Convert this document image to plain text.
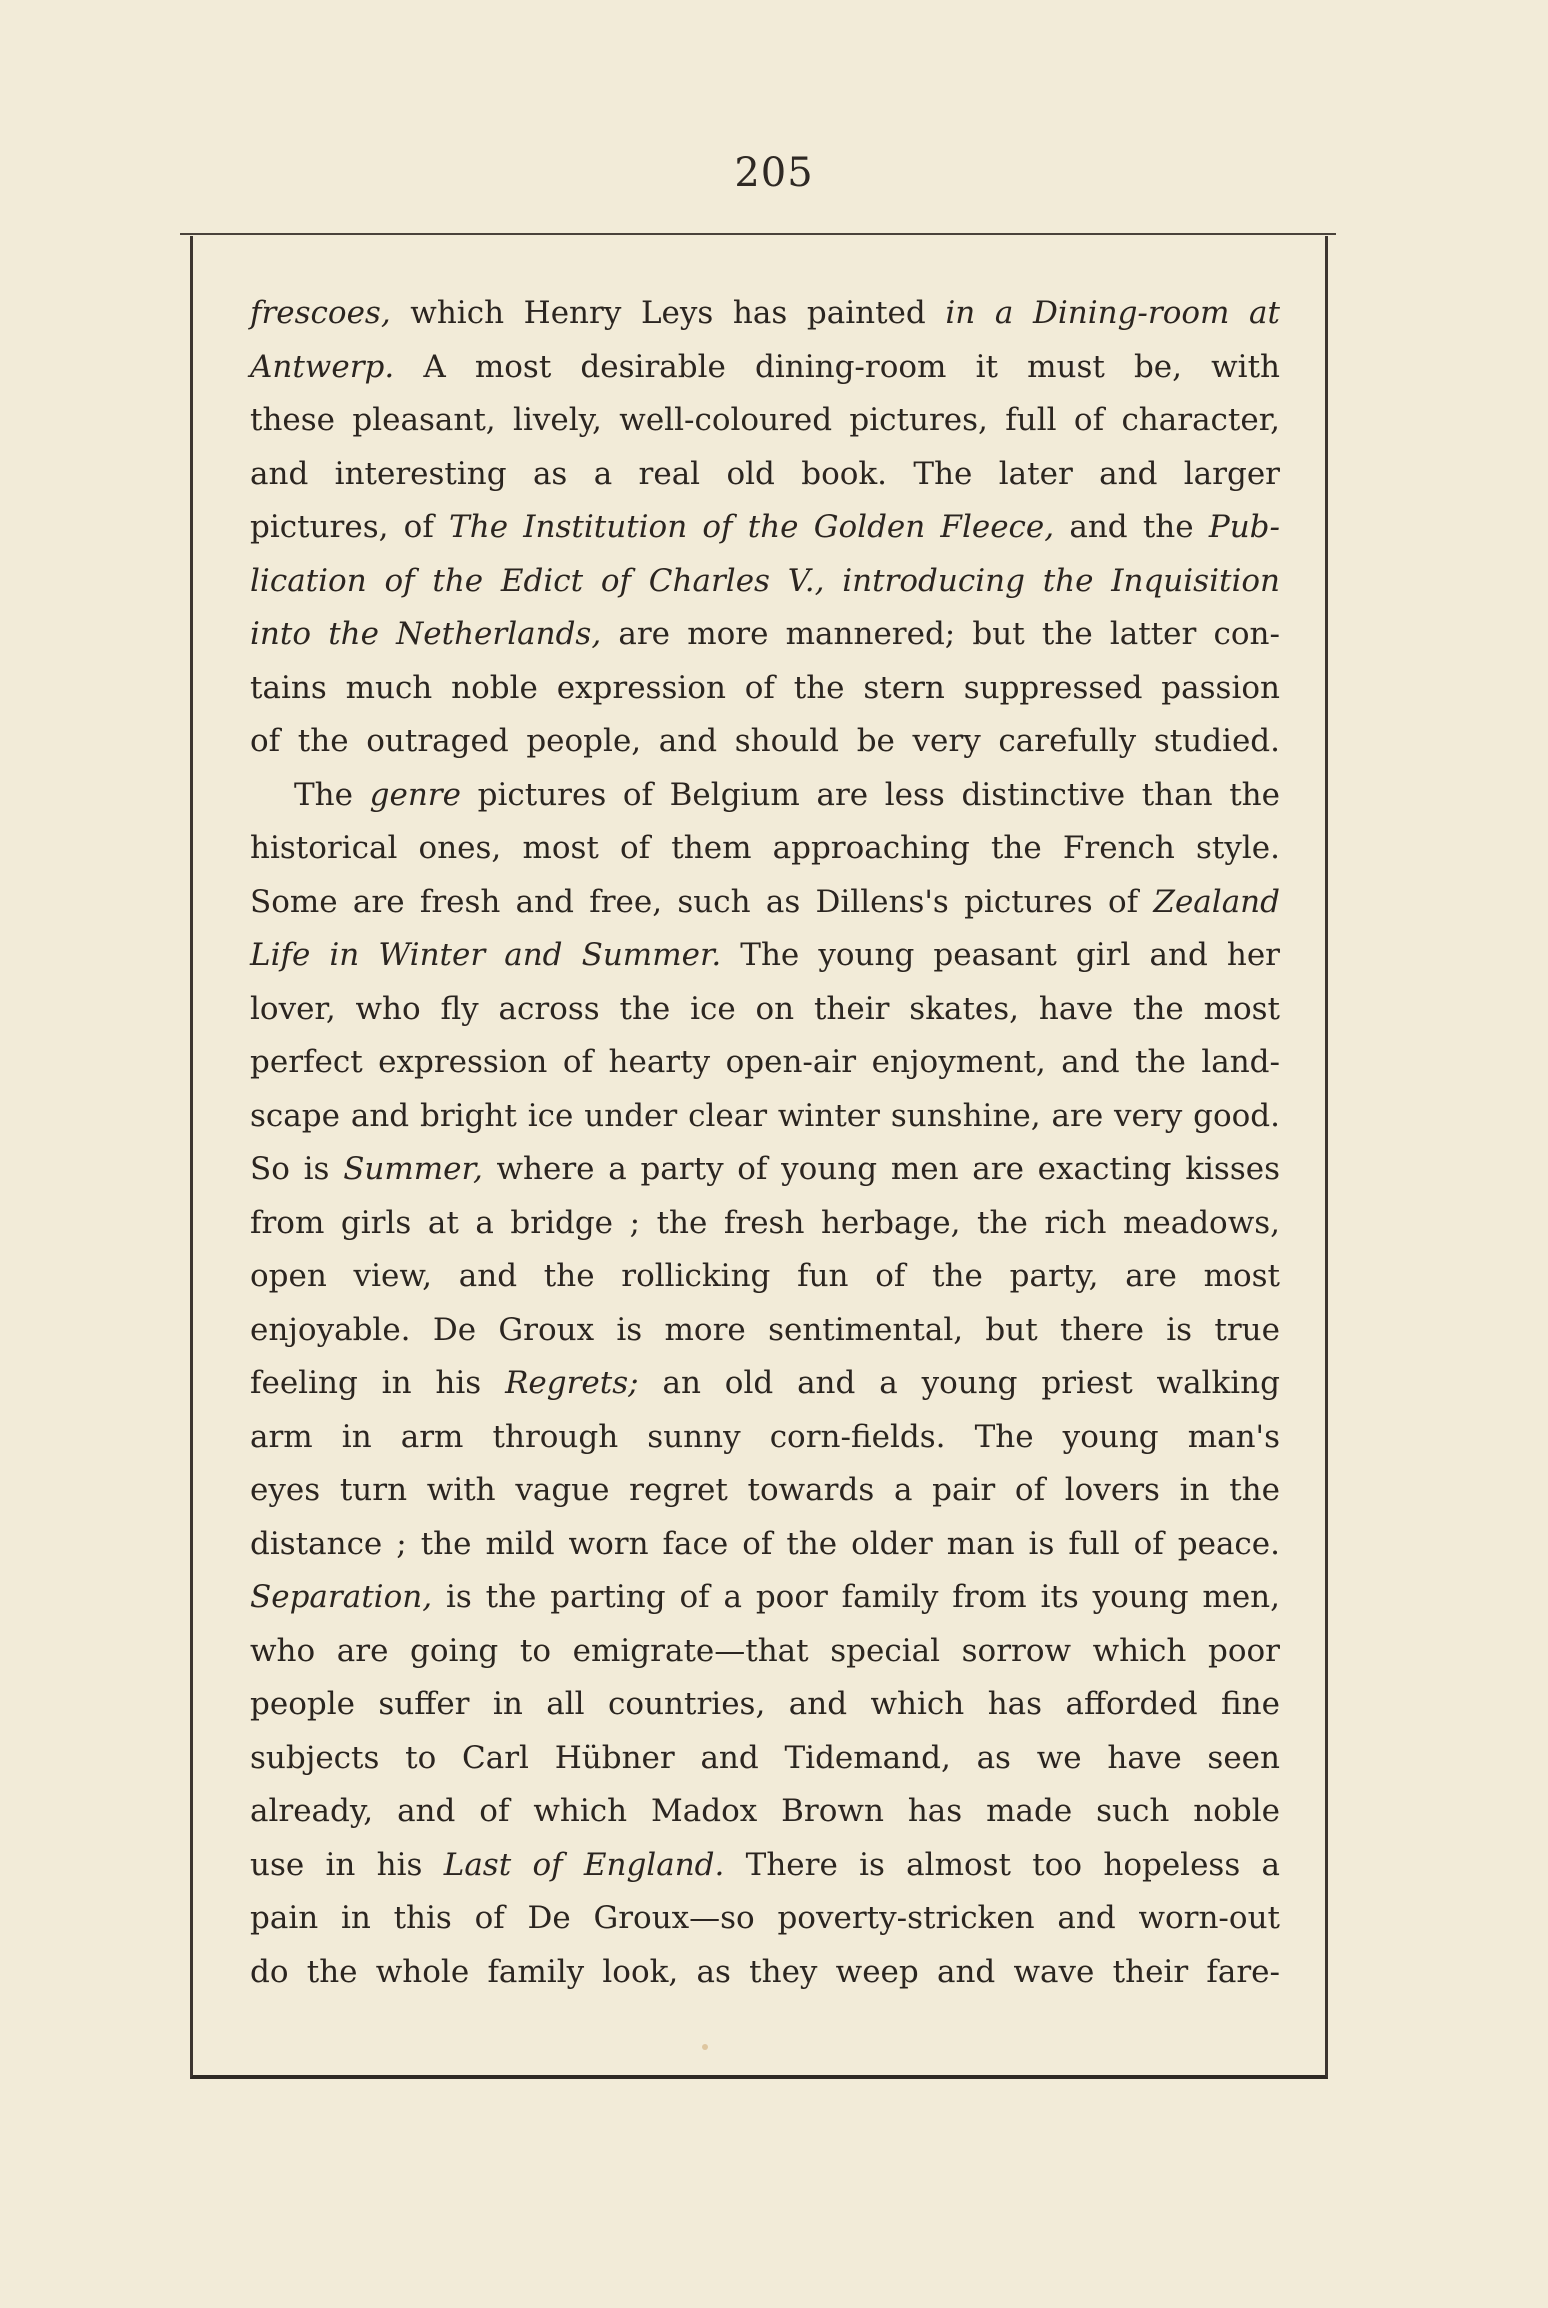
205
frescoes, which Henry Leys has painted in a Dining-room at
Antwerp. A most desirable dining-room it must be, with
these pleasant, lively, well-coloured pictures, full of character,
and interesting as a real old book. The later and larger
pictures, of The Institution of the Golden Fleece, and the Pub-
lication of the Edict of Charles V., introducing the Inquisition
into the Netherlands, are more mannered; but the latter con-
tains much noble expression of the stern suppressed passion
of the outraged people, and should be very carefully studied.
The genre pictures of Belgium are less distinctive than the
historical ones, most of them approaching the French style.
Some are fresh and free, such as Dillens's pictures of Zealand
Life in Winter and Summer. The young peasant girl and her
lover, who fly across the ice on their skates, have the most
perfect expression of hearty open-air enjoyment, and the land-
scape and bright ice under clear winter sunshine, are very good.
So is Summer, where a party of young men are exacting kisses
from girls at a bridge ; the fresh herbage, the rich meadows,
open view, and the rollicking fun of the party, are most
enjoyable. De Groux is more sentimental, but there is true
feeling in his Regrets; an old and a young priest walking
arm in arm through sunny corn-fields. The young man's
eyes turn with vague regret towards a pair of lovers in the
distance ; the mild worn face of the older man is full of peace.
Separation, is the parting of a poor family from its young men,
who are going to emigrate—that special sorrow which poor
people suffer in all countries, and which has afforded fine
subjects to Carl Hübner and Tidemand, as we have seen
already, and of which Madox Brown has made such noble
use in his Last of England. There is almost too hopeless a
pain in this of De Groux—so poverty-stricken and worn-out
do the whole family look, as they weep and wave their fare-
